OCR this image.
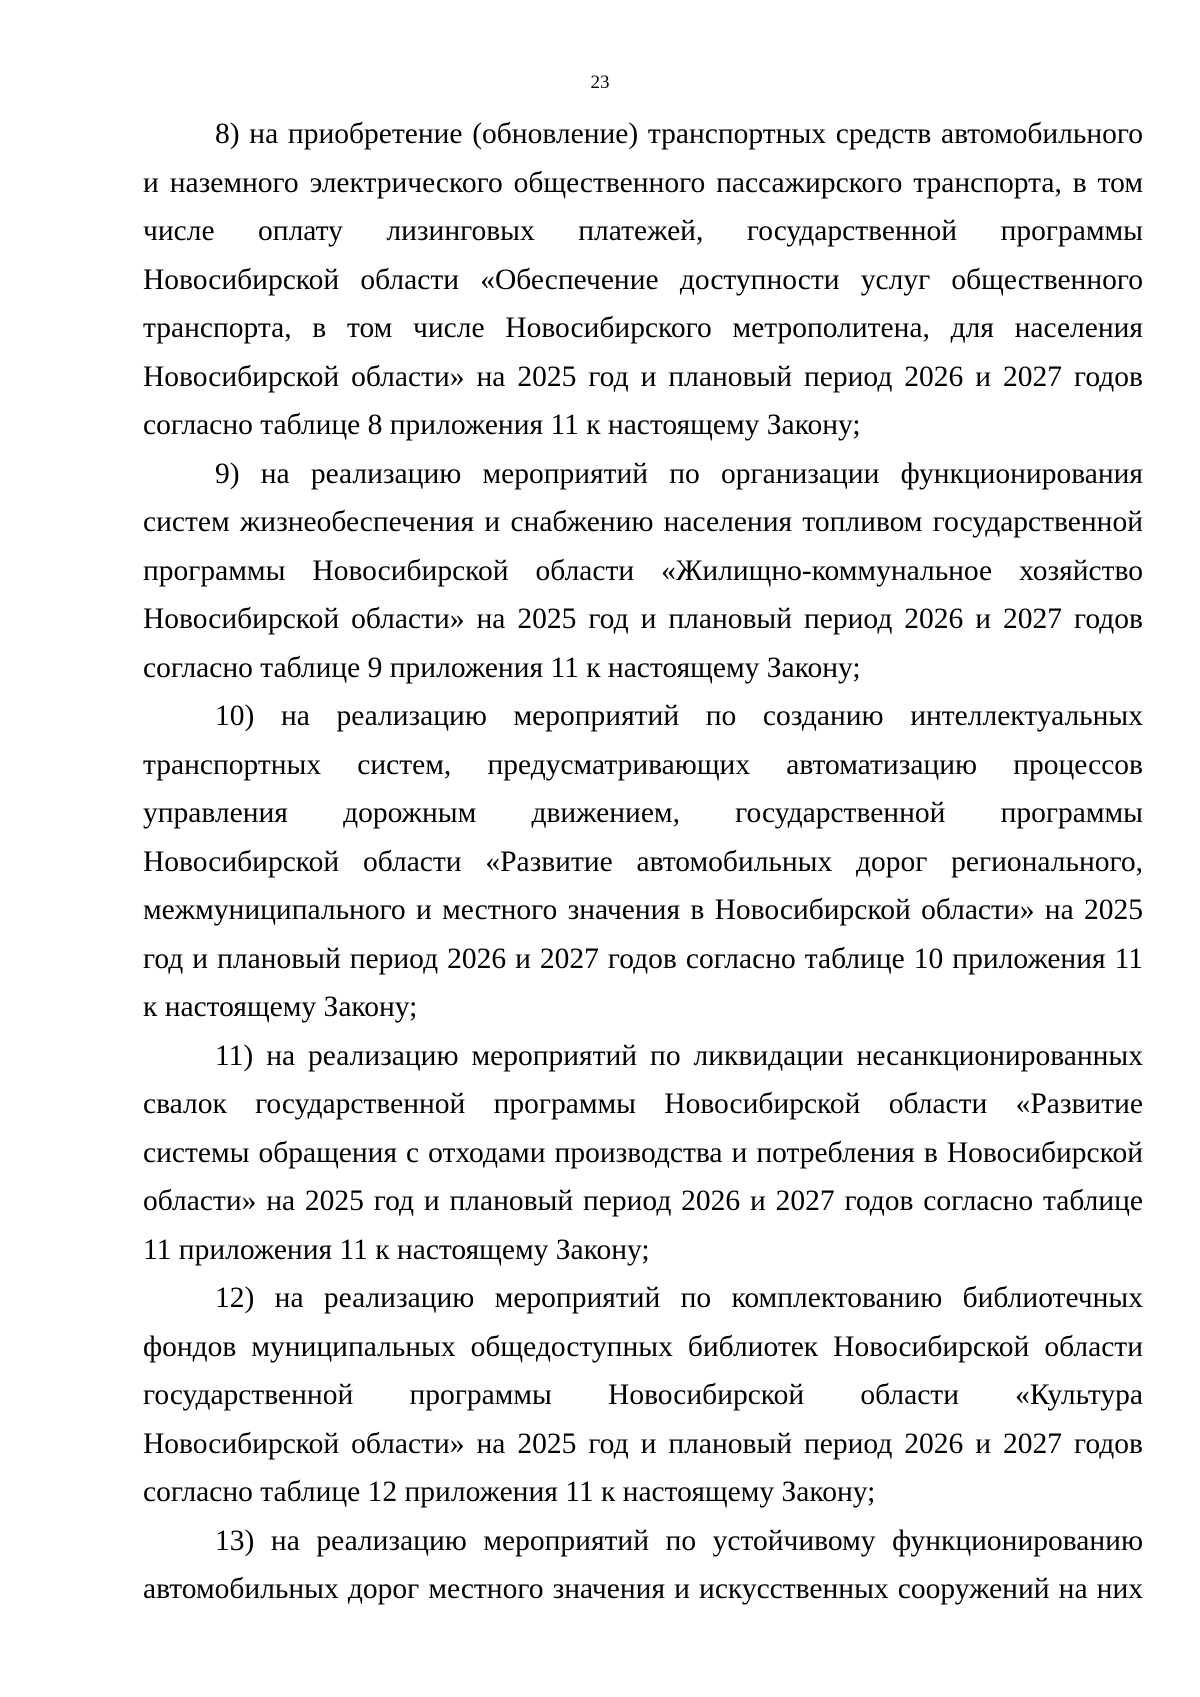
23

8) на приобретение (обновление) транспортных средств автомобильного и наземного электрического общественного пассажирского транспорта, в том числе оплату лизинговых платежей, государственной программы Новосибирской области «Обеспечение доступности услуг общественного транспорта, в том числе Новосибирского метрополитена, для населения Новосибирской области» на 2025 год и плановый период 2026 и 2027 годов согласно таблице 8 приложения 11 к настоящему Закону;

9) на реализацию мероприятий по организации функционирования систем жизнеобеспечения и снабжению населения топливом государственной программы Новосибирской области «Жилищно-коммунальное хозяйство Новосибирской области» на 2025 год и плановый период 2026 и 2027 годов согласно таблице 9 приложения 11 к настоящему Закону;

10) на реализацию мероприятий по созданию интеллектуальных транспортных систем, предусматривающих автоматизацию процессов управления дорожным движением, государственной программы Новосибирской области «Развитие автомобильных дорог регионального, межмуниципального и местного значения в Новосибирской области» на 2025 год и плановый период 2026 и 2027 годов согласно таблице 10 приложения 11 к настоящему Закону;

11) на реализацию мероприятий по ликвидации несанкционированных свалок государственной программы Новосибирской области «Развитие системы обращения с отходами производства и потребления в Новосибирской области» на 2025 год и плановый период 2026 и 2027 годов согласно таблице 11 приложения 11 к настоящему Закону;

12) на реализацию мероприятий по комплектованию библиотечных фондов муниципальных общедоступных библиотек Новосибирской области государственной программы Новосибирской области «Культура Новосибирской области» на 2025 год и плановый период 2026 и 2027 годов согласно таблице 12 приложения 11 к настоящему Закону;

13) на реализацию мероприятий по устойчивому функционированию автомобильных дорог местного значения и искусственных сооружений на них
